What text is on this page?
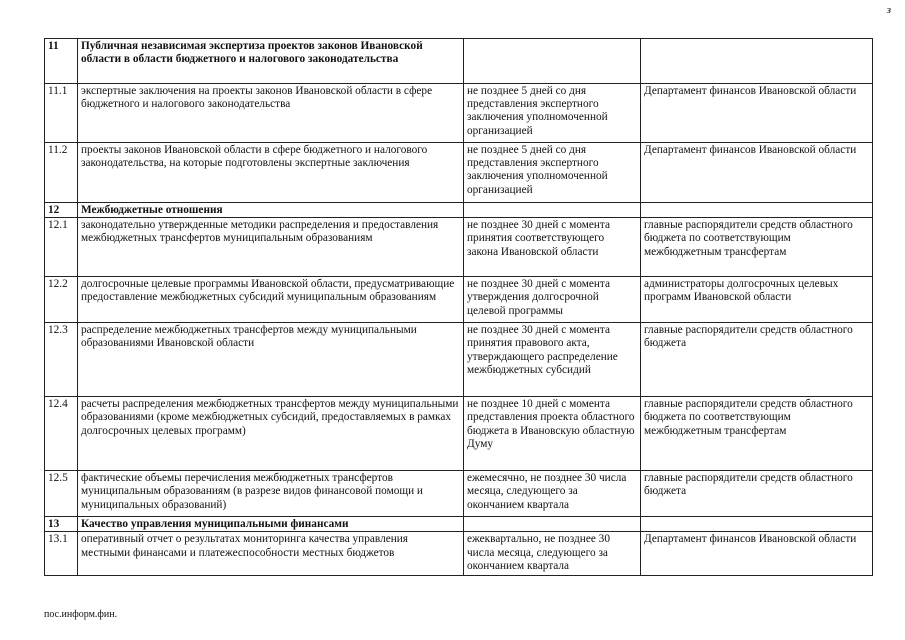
з
11	Публичная независимая экспертиза проектов законов Ивановской области в области бюджетного и налогового законодательства		
11.1	экспертные заключения на проекты законов Ивановской области в сфере бюджетного и налогового законодательства	не позднее 5 дней со дня представления экспертного заключения уполномоченной организацией	Департамент финансов Ивановской области
11.2	проекты законов Ивановской области в сфере бюджетного и налогового законодательства, на которые подготовлены экспертные заключения	не позднее 5 дней со дня представления экспертного заключения уполномоченной организацией	Департамент финансов Ивановской области
12	Межбюджетные отношения		
12.1	законодательно утвержденные методики распределения и предоставления межбюджетных трансфертов муниципальным образованиям	не позднее 30 дней с момента принятия соответствующего закона Ивановской области	главные распорядители средств областного бюджета по соответствующим межбюджетным трансфертам
12.2	долгосрочные целевые программы Ивановской области, предусматривающие предоставление межбюджетных субсидий муниципальным образованиям	не позднее 30 дней с момента утверждения долгосрочной целевой программы	администраторы долгосрочных целевых программ Ивановской области
12.3	распределение межбюджетных трансфертов между муниципальными образованиями Ивановской области	не позднее 30 дней с момента принятия правового акта, утверждающего распределение межбюджетных субсидий	главные распорядители средств областного бюджета
12.4	расчеты распределения межбюджетных трансфертов между муниципальными образованиями (кроме межбюджетных субсидий, предоставляемых в рамках долгосрочных целевых программ)	не позднее 10 дней с момента представления проекта областного бюджета в Ивановскую областную Думу	главные распорядители средств областного бюджета по соответствующим межбюджетным трансфертам
12.5	фактические объемы перечисления межбюджетных трансфертов муниципальным образованиям (в разрезе видов финансовой помощи и муниципальных образований)	ежемесячно, не позднее 30 числа месяца, следующего за окончанием квартала	главные распорядители средств областного бюджета
13	Качество управления муниципальными финансами		
13.1	оперативный отчет о результатах мониторинга качества управления местными финансами и платежеспособности местных бюджетов	ежеквартально, не позднее 30 числа месяца, следующего за окончанием квартала	Департамент финансов Ивановской области
пос.информ.фин.
